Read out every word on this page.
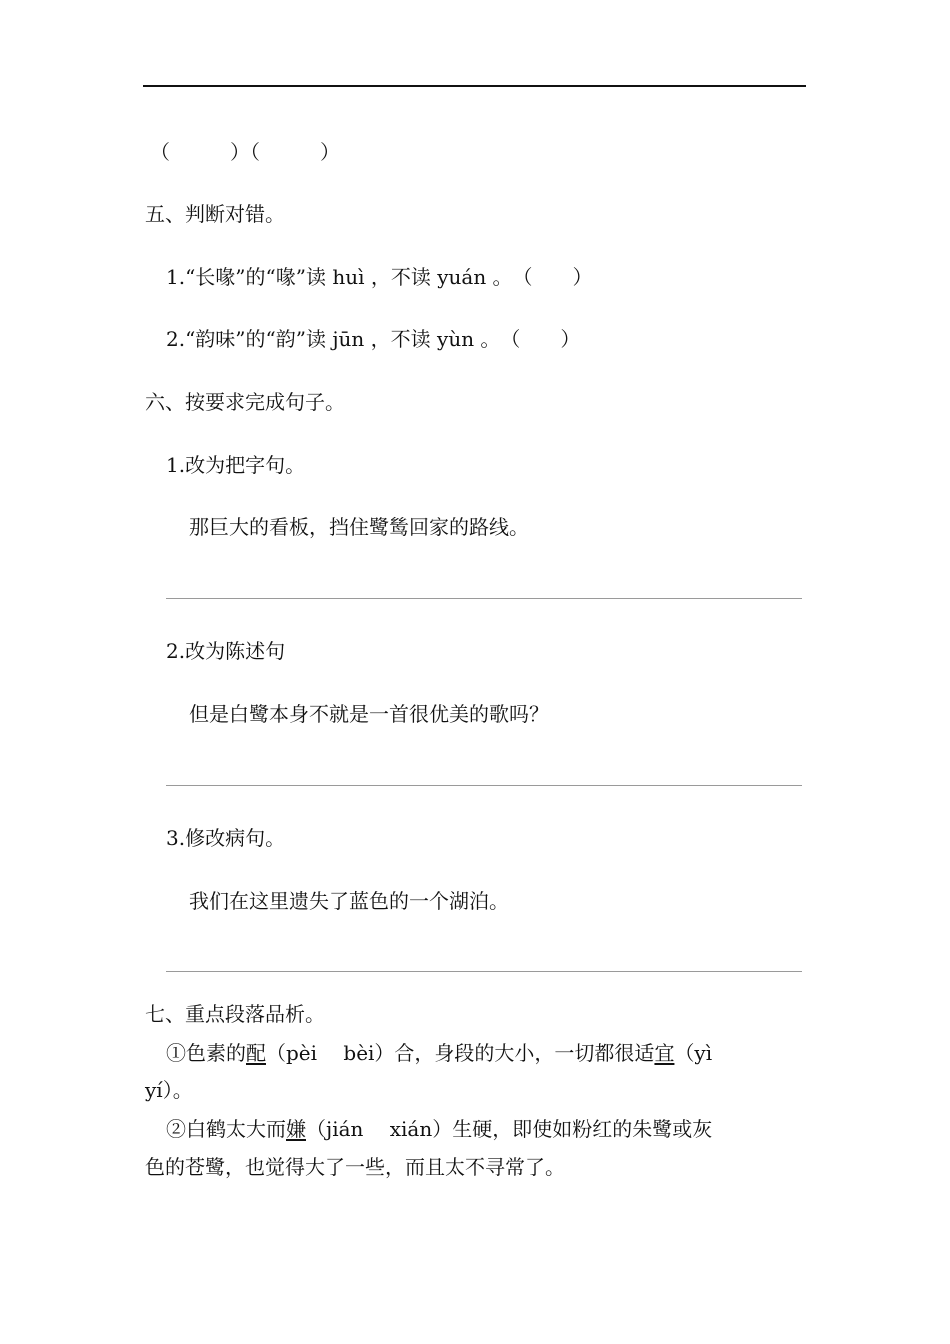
（　　　）（　　　）
五、判断对错。
1.“长喙”的“喙”读 huì ，不读 yuán 。　（　　）
2.“韵味”的“韵”读 jūn ，不读 yùn 。　（　　）
六、按要求完成句子。
1.改为把字句。
那巨大的看板，挡住鹭鸶回家的路线。
2.改为陈述句
但是白鹭本身不就是一首很优美的歌吗？
3.修改病句。
我们在这里遗失了蓝色的一个湖泊。
七、重点段落品析。
①色素的配（pèi　 bèi）合，身段的大小，一切都很适宜（yì
yí）。
②白鹤太大而嫌（jián　 xián）生硬，即使如粉红的朱鹭或灰
色的苍鹭，也觉得大了一些，而且太不寻常了。
